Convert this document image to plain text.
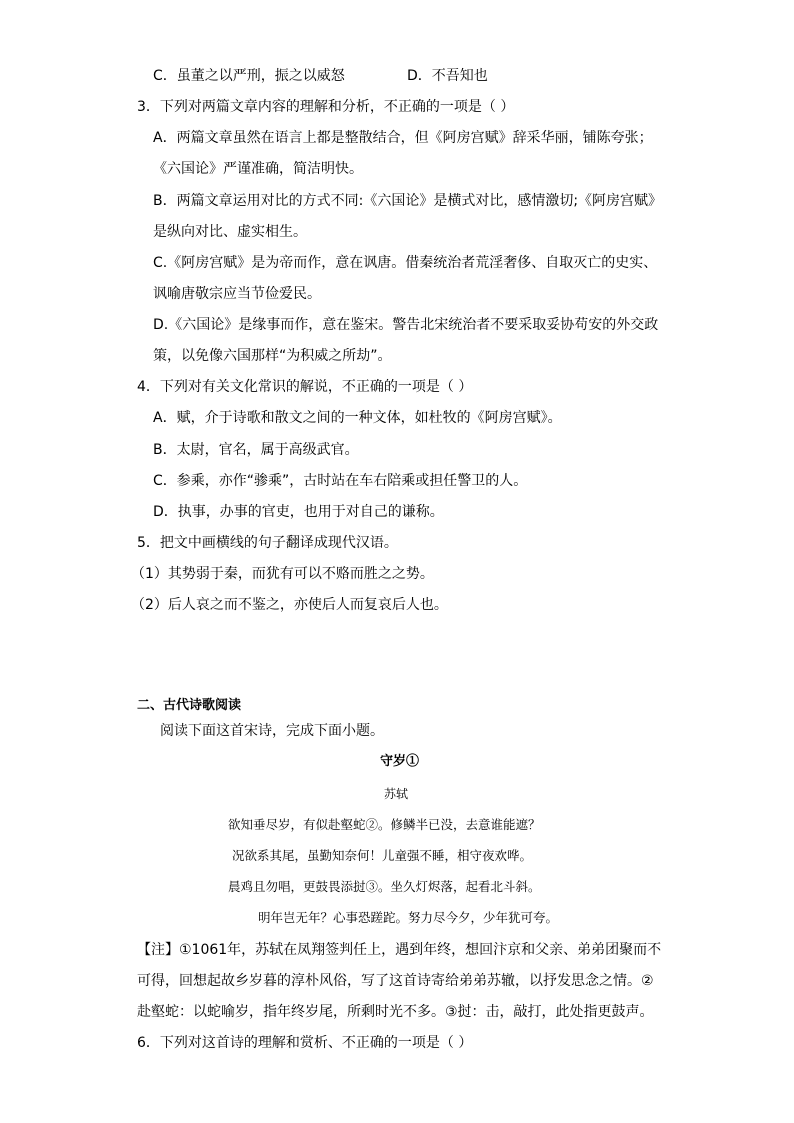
C．虽董之以严刑，振之以威怒	D．不吾知也
3．下列对两篇文章内容的理解和分析，不正确的一项是（ ）
A．两篇文章虽然在语言上都是整散结合，但《阿房宫赋》辞采华丽，铺陈夸张；
《六国论》严谨准确，简洁明快。
B．两篇文章运用对比的方式不同:《六国论》是横式对比，感情激切;《阿房宫赋》
是纵向对比、虚实相生。
C.《阿房宫赋》是为帝而作，意在讽唐。借秦统治者荒淫奢侈、自取灭亡的史实、
讽喻唐敬宗应当节俭爱民。
D.《六国论》是缘事而作，意在鉴宋。警告北宋统治者不要采取妥协苟安的外交政
策，以免像六国那样“为积威之所劫”。
4．下列对有关文化常识的解说，不正确的一项是（ ）
A．赋，介于诗歌和散文之间的一种文体，如杜牧的《阿房宫赋》。
B．太尉，官名，属于高级武官。
C．参乘，亦作“骖乘”，古时站在车右陪乘或担任警卫的人。
D．执事，办事的官吏，也用于对自己的谦称。
5．把文中画横线的句子翻译成现代汉语。
（1）其势弱于秦，而犹有可以不赂而胜之之势。
（2）后人哀之而不鉴之，亦使后人而复哀后人也。
二、古代诗歌阅读
阅读下面这首宋诗，完成下面小题。
守岁①
苏轼
欲知垂尽岁，有似赴壑蛇②。修鳞半已没，去意谁能遮？
况欲系其尾，虽勤知奈何！儿童强不睡，相守夜欢哗。
晨鸡且勿唱，更鼓畏添挝③。坐久灯烬落，起看北斗斜。
明年岂无年？心事恐蹉跎。努力尽今夕，少年犹可夸。
【注】①1061年，苏轼在凤翔签判任上，遇到年终，想回汴京和父亲、弟弟团聚而不
可得，回想起故乡岁暮的淳朴风俗，写了这首诗寄给弟弟苏辙，以抒发思念之情。②
赴壑蛇：以蛇喻岁，指年终岁尾，所剩时光不多。③挝：击，敲打，此处指更鼓声。
6．下列对这首诗的理解和赏析、不正确的一项是（ ）
